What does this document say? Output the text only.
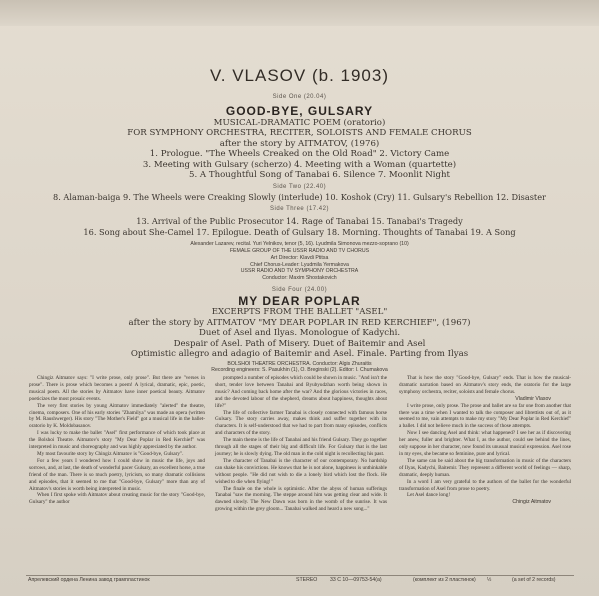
V. VLASOV (b. 1903)
Side One (20.04)
GOOD-BYE, GULSARY
MUSICAL-DRAMATIC POEM (oratorio)
FOR SYMPHONY ORCHESTRA, RECITER, SOLOISTS AND FEMALE CHORUS
after the story by AITMATOV, (1976)
1. Prologue. "The Wheels Creaked on the Old Road" 2. Victory Came
3. Meeting with Gulsary (scherzo) 4. Meeting with a Woman (quartette)
5. A Thoughtful Song of Tanabai 6. Silence 7. Moonlit Night
Side Two (22.40)
8. Alaman-baiga 9. The Wheels were Creaking Slowly (interlude) 10. Koshok (Cry) 11. Gulsary's Rebellion 12. Disaster
Side Three (17.42)
13. Arrival of the Public Prosecutor 14. Rage of Tanabai 15. Tanabai's Tragedy
16. Song about She-Camel 17. Epilogue. Death of Gulsary 18. Morning. Thoughts of Tanabai 19. A Song
Alexander Lazarev, recital. Yuri Yelnikov, tenor (5, 16). Lyudmila Simonova mezzo-soprano (10)
FEMALE GROUP OF THE USSR RADIO AND TV CHORUS
Art Director: Klavdi Ptitsa
Chief Chorus-Leader: Lyudmila Yermakova
USSR RADIO AND TV SYMPHONY ORCHESTRA
Conductor: Maxim Shostakovich
Side Four (24.00)
MY DEAR POPLAR
EXCERPTS FROM THE BALLET "ASEL"
after the story by AITMATOV "MY DEAR POPLAR IN RED KERCHIEF", (1967)
Duet of Asel and Ilyas. Monologue of Kadychi.
Despair of Asel. Path of Misery. Duet of Baitemir and Asel
Optimistic allegro and adagio of Baitemir and Asel. Finale. Parting from Ilyas
BOLSHOI THEATRE ORCHESTRA. Conductor: Algis Zhuraitis
Recording engineers: S. Pasukhin (1), O. Breginski (2). Editor: I. Chumakova

Chingiz Aitmatov says: "I write prose, only prose". But there are "verses in prose". There is prose which becomes a poem! A lyrical, dramatic, epic, poetic, musical poem. All the stories by Aitmatov have inner poetical beauty. Aitmatov poeticizes the most prosaic events.

The very first stories by young Aitmatov immediately "alerted" the theatre, cinema, composers. One of his early stories "Zhamilya" was made an opera (written by M. Raushwerger). His story "The Mother's Field" got a musical life in the ballet-oratorio by K. Moldobasanov.

I was lucky to make the ballet "Asel" first performance of which took place at the Bolshoi Theatre. Aitmatov's story "My Dear Poplar in Red Kerchief" was interpreted in music and choreography and was highly appreciated by the author.

My most favourite story by Chingiz Aitmatov is "Good-bye, Gulsary".

For a few years I wondered how I could show in music the life, joys and sorrows, and, at last, the death of wonderful pacer Gulsary, an excellent horse, a true friend of the man. There is so much poetry, lyricism, so many dramatic collisions and episodes, that it seemed to me that "Good-bye, Gulsary" more than any of Aitmatov's stories is worth being interpreted in music.

When I first spoke with Aitmatov about creating music for the story "Good-bye, Gulsary" the author

prompted a number of episodes which could be shown in music. "And isn't the short, tender love between Tanabai and Byubyudzhan worth being shown in music? And coming back home after the war? And the glorious victories in races, and the devoted labour of the shepherd, dreams about happiness, thoughts about life?"

The life of collective farmer Tanabai is closely connected with famous horse Gulsary. The story carries away, makes think and suffer together with its characters. It is self-understood that we had to part from many episodes, conflicts and characters of the story.

The main theme is the life of Tanabai and his friend Gulsary. They go together through all the stages of their big and difficult life. For Gulsary that is the last journey; he is slowly dying. The old man in the cold night is recollecting his past.

The character of Tanabai is the character of our contemporary. No hardship can shake his convictions. He knows that he is not alone, happiness is unthinkable without people. "He did not wish to die a lonely bird which lost the flock. He wished to die when flying!"

The finale on the whole is optimistic. After the abyss of human sufferings Tanabai "saw the morning. The steppe around him was getting clear and wide. It dawned slowly. The New Dawn was born in the womb of the sunrise. It was growing within the grey gloom... Tanabai walked and heard a new song..."

That is how the story "Good-bye, Gulsary" ends. That is how the musical-dramatic narration based on Aitmatov's story ends, the oratorio for the large symphony orchestra, reciter, soloists and female chorus.

Vladimir Vlasov

I write prose, only prose. The prose and ballet are so far one from another that there was a time when I wanted to talk the composer and librettists out of, as it seemed to me, vain attempts to make my story "My Dear Poplar in Red Kerchief" a ballet. I did not believe much in the success of those attempts.

Now I see dancing Asel and think: what happened? I see her as if discovering her anew, fuller and brighter. What I, as the author, could see behind the lines, only suppose in her character, now found its unusual musical expression. Asel rose in my eyes, she became so feminine, pure and lyrical.

The same can be said about the big transformation in music of the characters of Ilyas, Kadychi, Baitemir. They represent a different world of feelings — sharp, dramatic, deeply human.

In a word I am very grateful to the authors of the ballet for the wonderful transformation of Asel from prose to poetry.

Let Asel dance long!

Chingiz Aitmatov

Апрелевский ордена Ленина завод грампластинок	STEREO 33 С 10—09753-54(а)	(комплект из 2 пластинок) ½	(a set of 2 records)
